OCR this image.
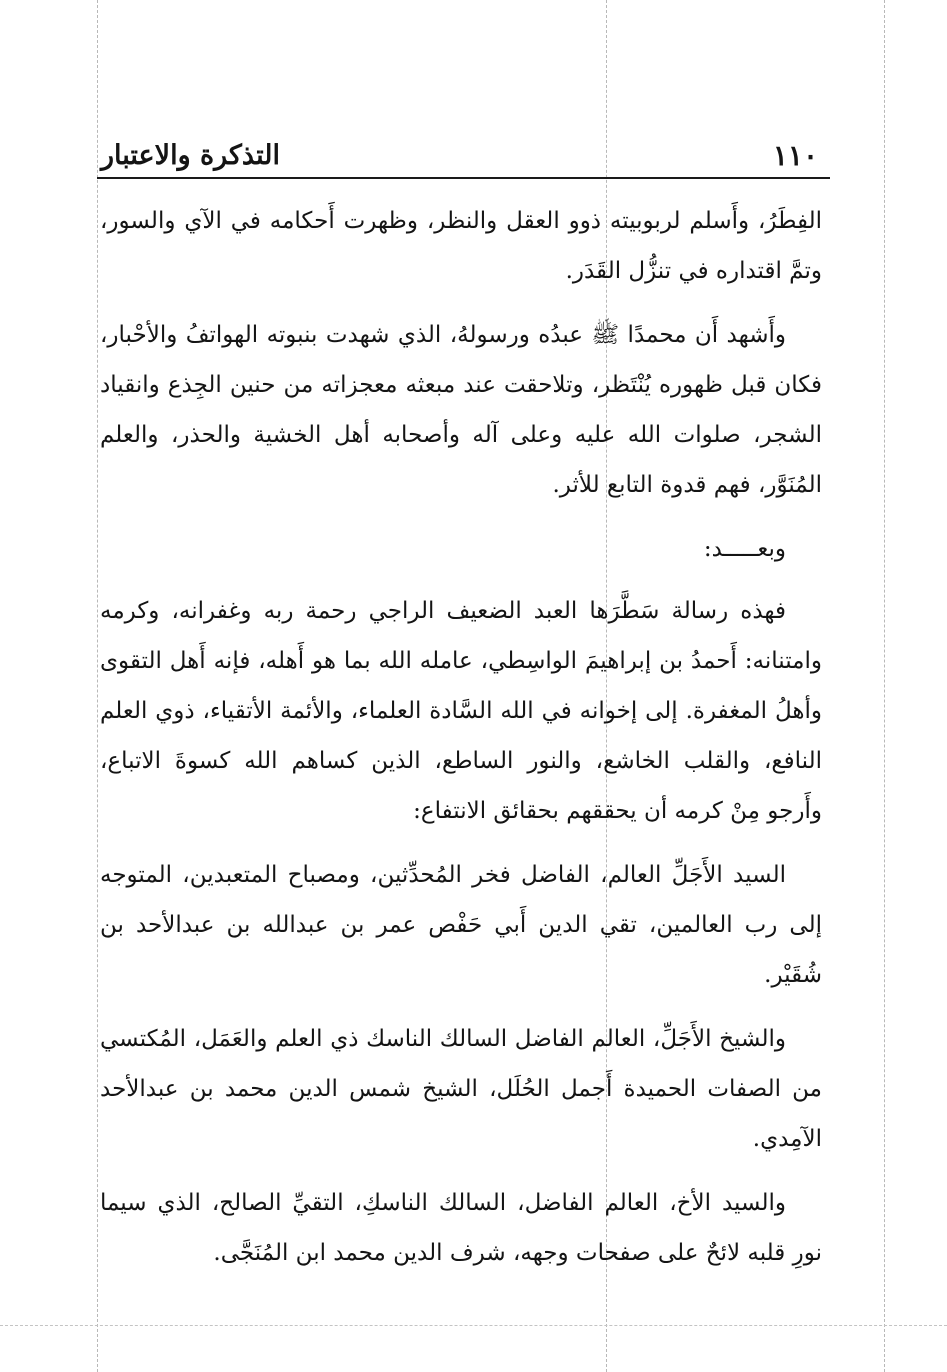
١١٠
التذكرة والاعتبار

الفِطَرُ، وأَسلم لربوبيته ذوو العقل والنظر، وظهرت أَحكامه في الآي والسور، وتمَّ اقتداره في تنزُّل القَدَر.

وأَشهد أَن محمدًا ﷺ عبدُه ورسولهُ، الذي شهدت بنبوته الهواتفُ والأحْبار، فكان قبل ظهوره يُنْتَظر، وتلاحقت عند مبعثه معجزاته من حنين الجِذع وانقياد الشجر، صلوات الله عليه وعلى آله وأصحابه أهل الخشية والحذر، والعلم المُنَوَّر، فهم قدوة التابع للأثر.

وبعـــــد:

فهذه رسالة سَطَّرَها العبد الضعيف الراجي رحمة ربه وغفرانه، وكرمه وامتنانه: أَحمدُ بن إبراهيمَ الواسِطي، عامله الله بما هو أَهله، فإنه أَهل التقوى وأهلُ المغفرة. إلى إخوانه في الله السَّادة العلماء، والأئمة الأتقياء، ذوي العلم النافع، والقلب الخاشع، والنور الساطع، الذين كساهم الله كسوةَ الاتباع، وأَرجو مِنْ كرمه أن يحققهم بحقائق الانتفاع:

السيد الأَجَلِّ العالم، الفاضل فخر المُحدِّثين، ومصباح المتعبدين، المتوجه إلى رب العالمين، تقي الدين أَبي حَفْص عمر بن عبدالله بن عبدالأحد بن شُقَيْر.

والشيخ الأَجَلِّ، العالم الفاضل السالك الناسك ذي العلم والعَمَل، المُكتسي من الصفات الحميدة أَجمل الحُلَل، الشيخ شمس الدين محمد بن عبدالأحد الآمِدي.

والسيد الأخ، العالم الفاضل، السالك الناسكِ، التقيِّ الصالح، الذي سيما نورِ قلبه لائحٌ على صفحات وجهه، شرف الدين محمد ابن المُنَجَّى.
